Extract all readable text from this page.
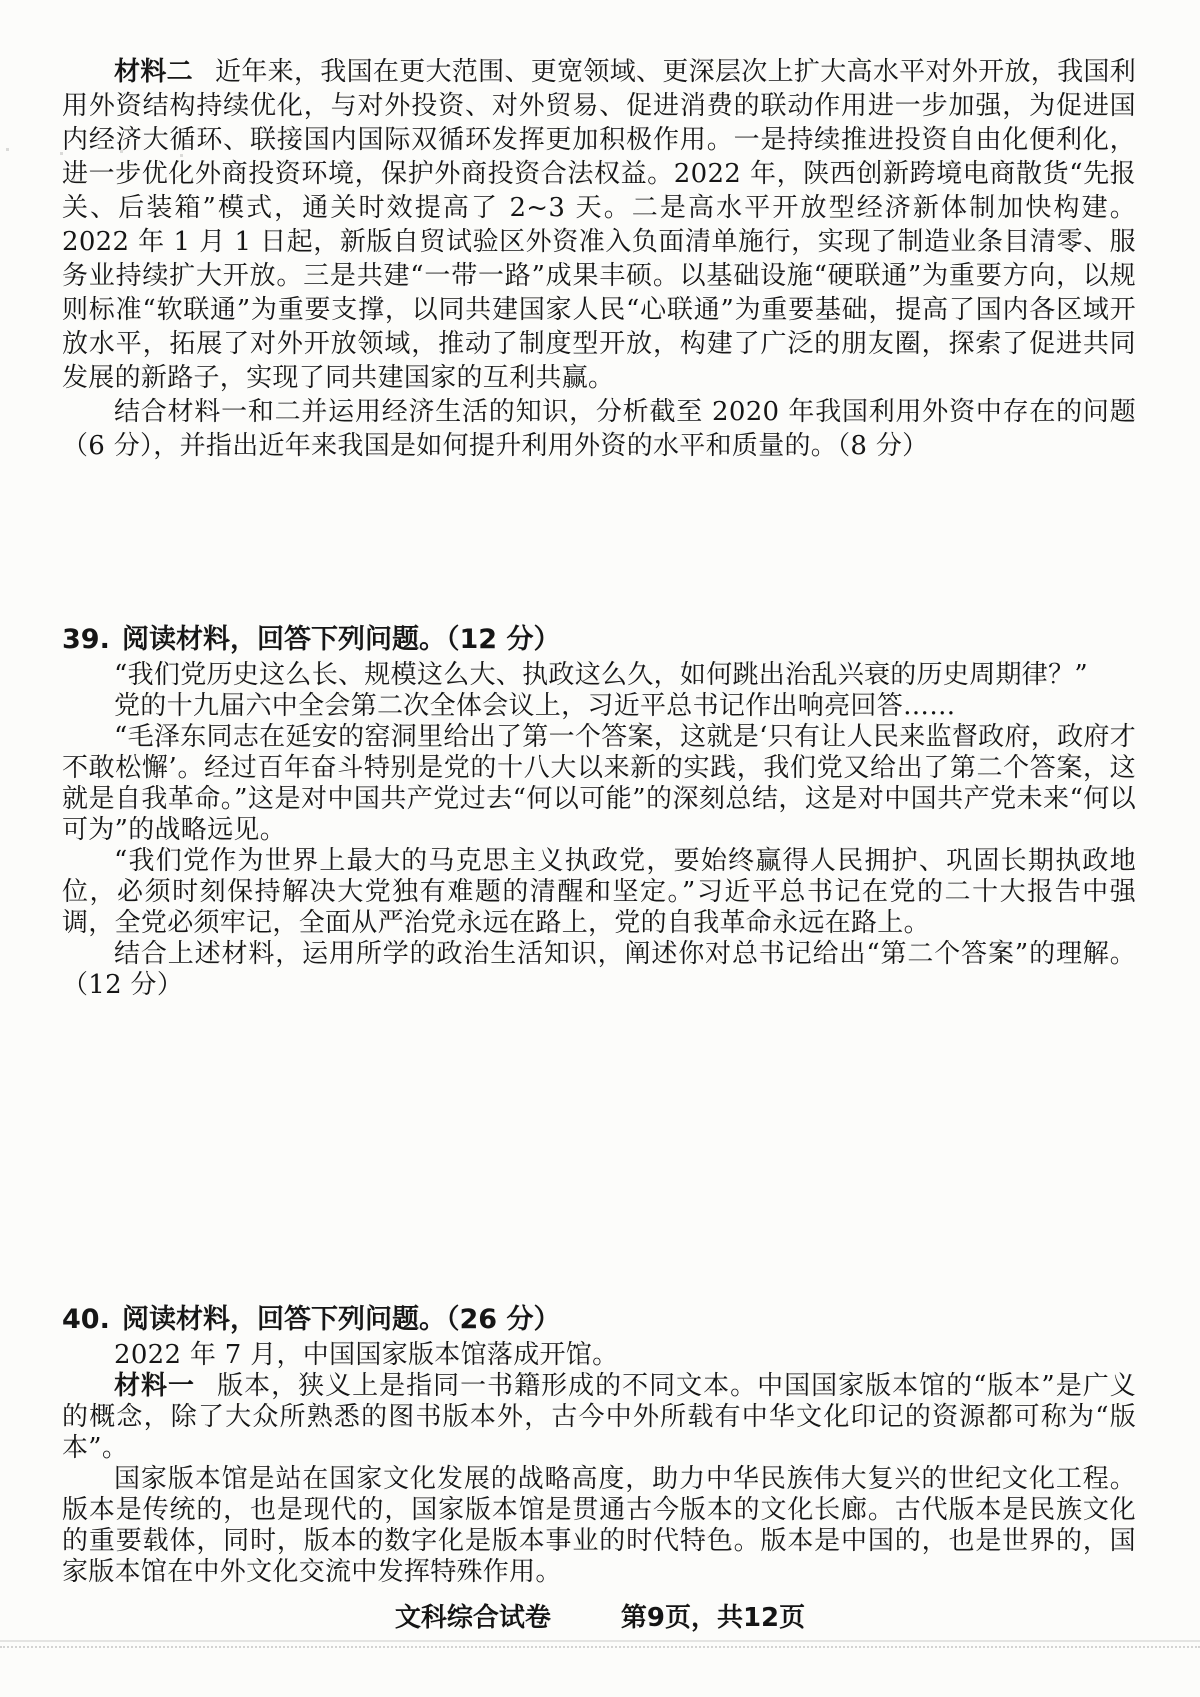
材料二 近年来，我国在更大范围、更宽领域、更深层次上扩大高水平对外开放，我国利用外资结构持续优化，与对外投资、对外贸易、促进消费的联动作用进一步加强，为促进国内经济大循环、联接国内国际双循环发挥更加积极作用。一是持续推进投资自由化便利化，进一步优化外商投资环境，保护外商投资合法权益。2022 年，陕西创新跨境电商散货“先报关、后装箱”模式，通关时效提高了 2~3 天。二是高水平开放型经济新体制加快构建。2022 年 1 月 1 日起，新版自贸试验区外资准入负面清单施行，实现了制造业条目清零、服务业持续扩大开放。三是共建“一带一路”成果丰硕。以基础设施“硬联通”为重要方向，以规则标准“软联通”为重要支撑，以同共建国家人民“心联通”为重要基础，提高了国内各区域开放水平，拓展了对外开放领域，推动了制度型开放，构建了广泛的朋友圈，探索了促进共同发展的新路子，实现了同共建国家的互利共赢。

结合材料一和二并运用经济生活的知识，分析截至 2020 年我国利用外资中存在的问题（6 分），并指出近年来我国是如何提升利用外资的水平和质量的。（8 分）

39. 阅读材料，回答下列问题。（12 分）

“我们党历史这么长、规模这么大、执政这么久，如何跳出治乱兴衰的历史周期律？”

党的十九届六中全会第二次全体会议上，习近平总书记作出响亮回答……

“毛泽东同志在延安的窑洞里给出了第一个答案，这就是‘只有让人民来监督政府，政府才不敢松懈’。经过百年奋斗特别是党的十八大以来新的实践，我们党又给出了第二个答案，这就是自我革命。”这是对中国共产党过去“何以可能”的深刻总结，这是对中国共产党未来“何以可为”的战略远见。

“我们党作为世界上最大的马克思主义执政党，要始终赢得人民拥护、巩固长期执政地位，必须时刻保持解决大党独有难题的清醒和坚定。”习近平总书记在党的二十大报告中强调，全党必须牢记，全面从严治党永远在路上，党的自我革命永远在路上。

结合上述材料，运用所学的政治生活知识，阐述你对总书记给出“第二个答案”的理解。（12 分）

40. 阅读材料，回答下列问题。（26 分）

2022 年 7 月，中国国家版本馆落成开馆。

材料一 版本，狭义上是指同一书籍形成的不同文本。中国国家版本馆的“版本”是广义的概念，除了大众所熟悉的图书版本外，古今中外所载有中华文化印记的资源都可称为“版本”。

国家版本馆是站在国家文化发展的战略高度，助力中华民族伟大复兴的世纪文化工程。版本是传统的，也是现代的，国家版本馆是贯通古今版本的文化长廊。古代版本是民族文化的重要载体，同时，版本的数字化是版本事业的时代特色。版本是中国的，也是世界的，国家版本馆在中外文化交流中发挥特殊作用。

文科综合试卷	第9页，共12页
